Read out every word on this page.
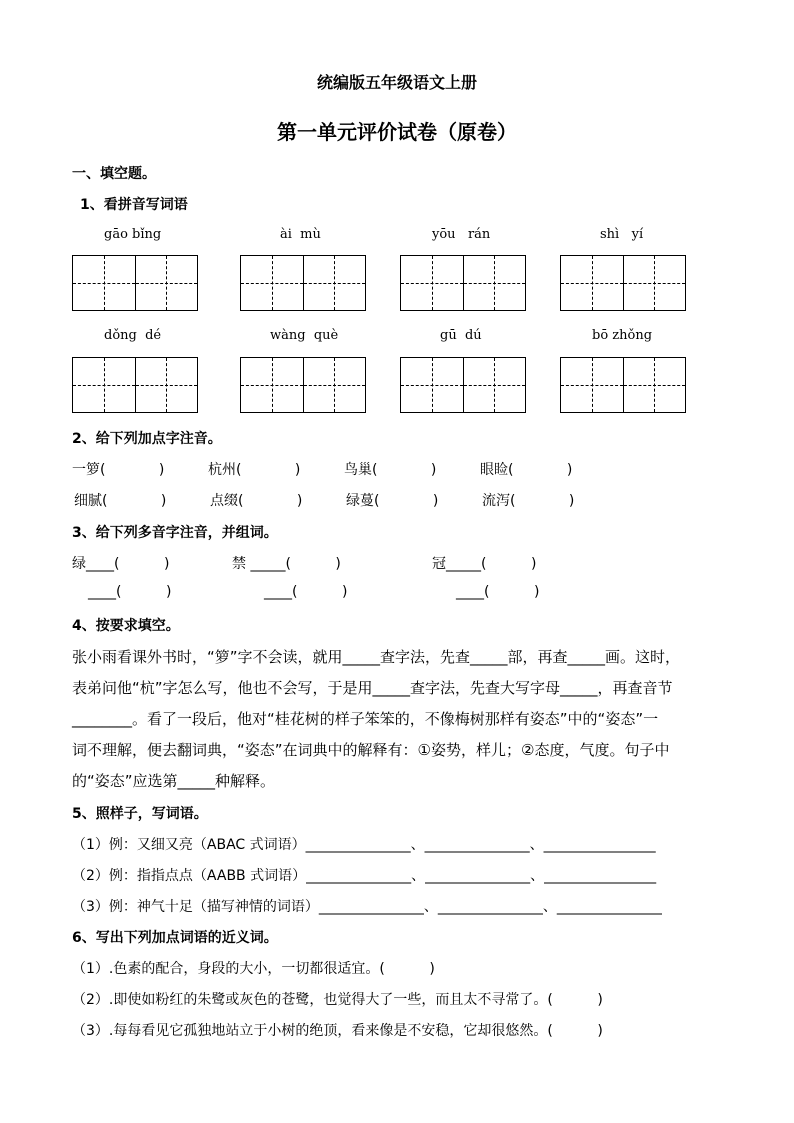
统编版五年级语文上册
第一单元评价试卷（原卷）
一、填空题。
1、看拼音写词语
gāo bǐng	ài  mù	yōu   rán	shì   yí
dǒng  dé	wàng  què	gū  dú	bō zhǒng
2、给下列加点字注音。
一箩(            )	杭州(            )	鸟巢(            )	眼睑(            )
细腻(            )	点缀(            )	绿蔓(            )	流泻(            )
3、给下列多音字注音，并组词。
绿____(          )	禁 _____(          )	冠_____(          )
____(          )	____(          )	____(          )
4、按要求填空。
张小雨看课外书时，“箩”字不会读，就用_____查字法，先查_____部，再查_____画。这时，
表弟问他“杭”字怎么写，他也不会写，于是用_____查字法，先查大写字母_____，再查音节
________。看了一段后，他对“桂花树的样子笨笨的，不像梅树那样有姿态”中的“姿态”一
词不理解，便去翻词典，“姿态”在词典中的解释有：①姿势，样儿；②态度，气度。句子中
的“姿态”应选第_____种解释。
5、照样子，写词语。
（1）例：又细又亮（ABAC 式词语）_______________、_______________、________________
（2）例：指指点点（AABB 式词语）_______________、_______________、________________
（3）例：神气十足（描写神情的词语）_______________、_______________、_______________
6、写出下列加点词语的近义词。
（1）.色素的配合，身段的大小，一切都很适宜。(          )
（2）.即使如粉红的朱鹭或灰色的苍鹭，也觉得大了一些，而且太不寻常了。(          )
（3）.每每看见它孤独地站立于小树的绝顶，看来像是不安稳，它却很悠然。(          )
